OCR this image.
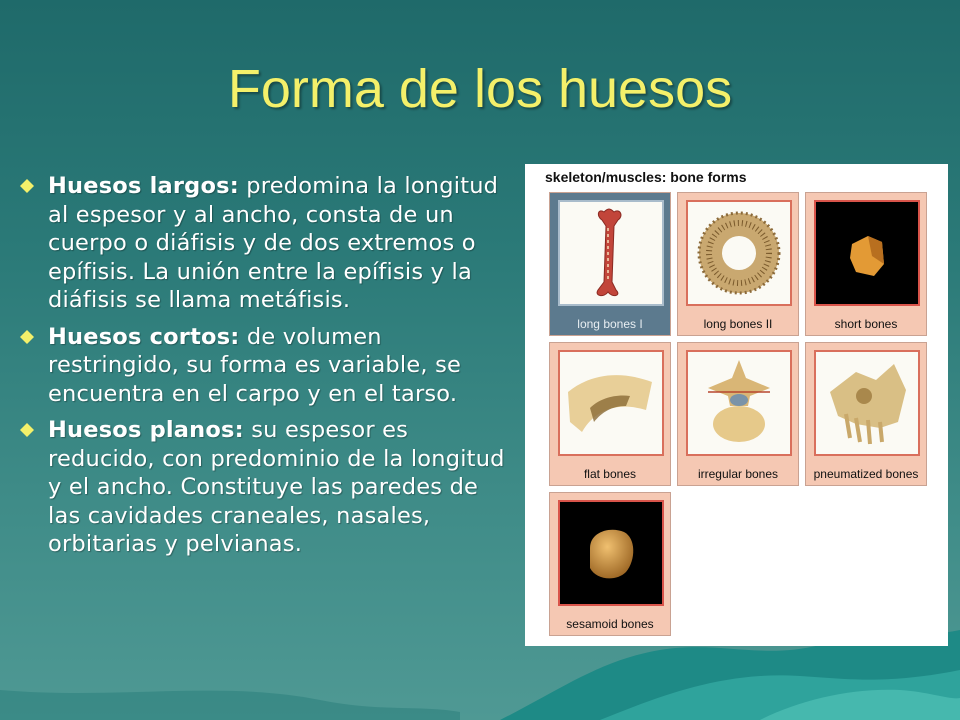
Forma de los huesos
Huesos largos: predomina la longitud al espesor y al ancho, consta de un cuerpo o diáfisis y de dos extremos o epífisis. La unión entre la epífisis y la diáfisis se llama metáfisis.
Huesos cortos: de volumen restringido, su forma es variable, se encuentra en el carpo y en el tarso.
Huesos planos: su espesor es reducido, con predominio de la longitud y el ancho. Constituye las paredes de las cavidades craneales, nasales, orbitarias y pelvianas.
skeleton/muscles: bone forms
long bones I	long bones II	short bones
flat bones	irregular bones	pneumatized bones
sesamoid bones
